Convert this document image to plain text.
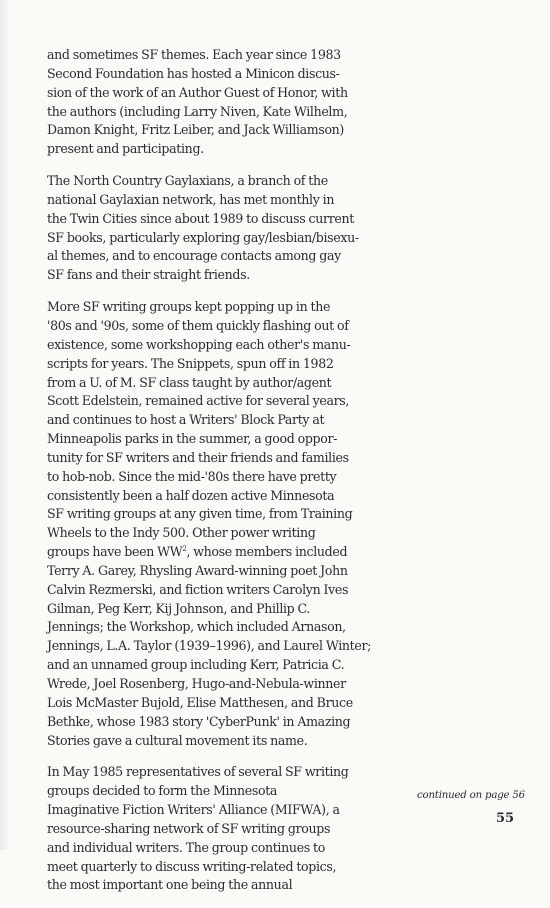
and sometimes SF themes. Each year since 1983
Second Foundation has hosted a Minicon discus-
sion of the work of an Author Guest of Honor, with
the authors (including Larry Niven, Kate Wilhelm,
Damon Knight, Fritz Leiber, and Jack Williamson)
present and participating.

The North Country Gaylaxians, a branch of the
national Gaylaxian network, has met monthly in
the Twin Cities since about 1989 to discuss current
SF books, particularly exploring gay/lesbian/bisexu-
al themes, and to encourage contacts among gay
SF fans and their straight friends.

More SF writing groups kept popping up in the
'80s and '90s, some of them quickly flashing out of
existence, some workshopping each other's manu-
scripts for years. The Snippets, spun off in 1982
from a U. of M. SF class taught by author/agent
Scott Edelstein, remained active for several years,
and continues to host a Writers' Block Party at
Minneapolis parks in the summer, a good oppor-
tunity for SF writers and their friends and families
to hob-nob. Since the mid-'80s there have pretty
consistently been a half dozen active Minnesota
SF writing groups at any given time, from Training
Wheels to the Indy 500. Other power writing
groups have been $WW^2$, whose members included
Terry A. Garey, Rhysling Award-winning poet John
Calvin Rezmerski, and fiction writers Carolyn Ives
Gilman, Peg Kerr, Kij Johnson, and Phillip C.
Jennings; the Workshop, which included Arnason,
Jennings, L.A. Taylor (1939–1996), and Laurel Winter;
and an unnamed group including Kerr, Patricia C.
Wrede, Joel Rosenberg, Hugo-and-Nebula-winner
Lois McMaster Bujold, Elise Matthesen, and Bruce
Bethke, whose 1983 story 'CyberPunk' in Amazing
Stories gave a cultural movement its name.

In May 1985 representatives of several SF writing
groups decided to form the Minnesota
Imaginative Fiction Writers' Alliance (MIFWA), a
resource-sharing network of SF writing groups
and individual writers. The group continues to
meet quarterly to discuss writing-related topics,
the most important one being the annual

continued on page 56
55
